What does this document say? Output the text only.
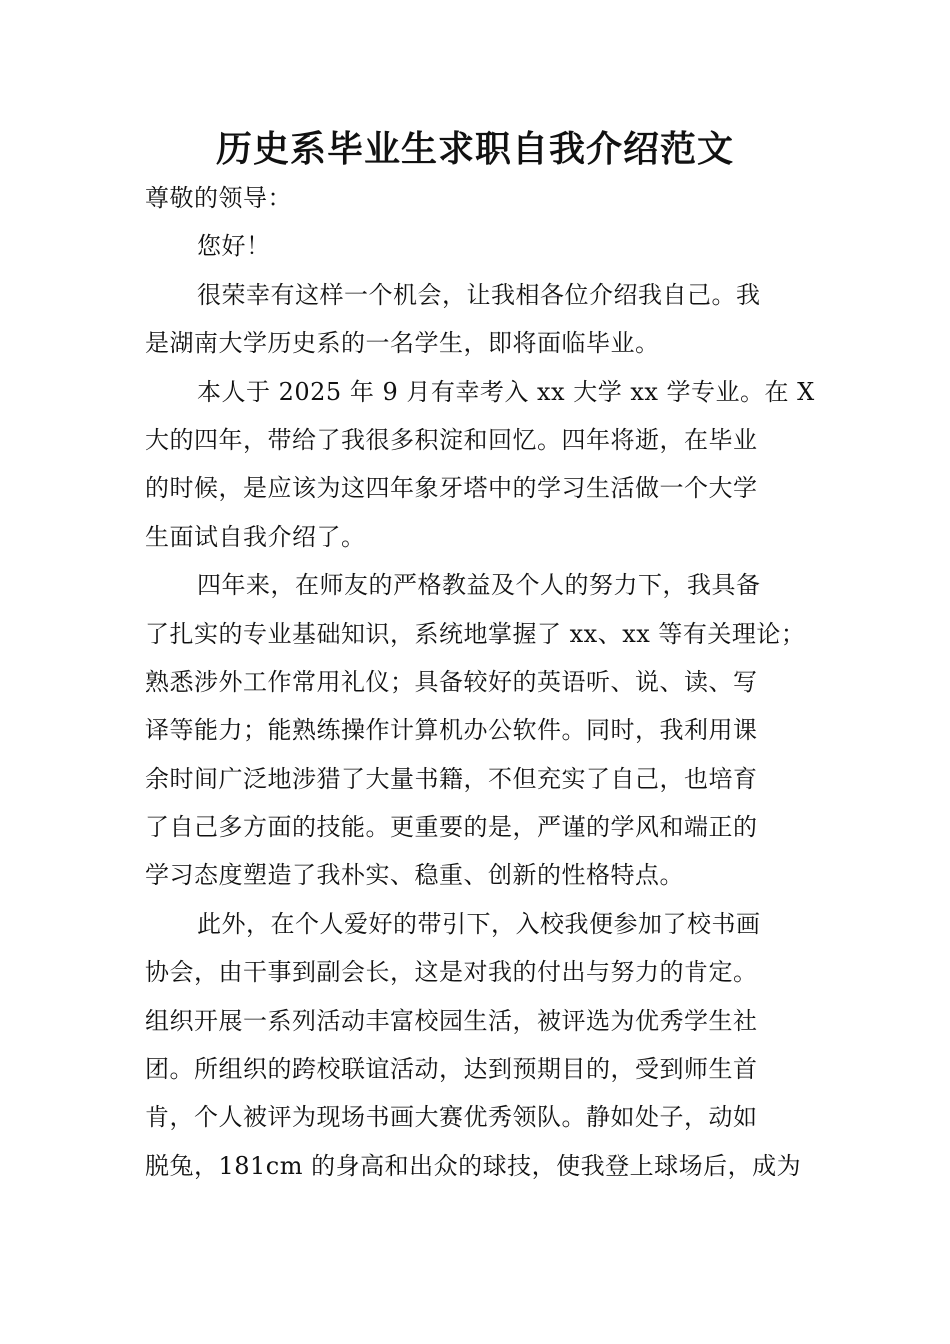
历史系毕业生求职自我介绍范文
尊敬的领导：
您好！
很荣幸有这样一个机会，让我相各位介绍我自己。我
是湖南大学历史系的一名学生，即将面临毕业。
本人于 2025 年 9 月有幸考入 xx 大学 xx 学专业。在 X
大的四年，带给了我很多积淀和回忆。四年将逝，在毕业
的时候，是应该为这四年象牙塔中的学习生活做一个大学
生面试自我介绍了。
四年来，在师友的严格教益及个人的努力下，我具备
了扎实的专业基础知识，系统地掌握了 xx、xx 等有关理论；
熟悉涉外工作常用礼仪；具备较好的英语听、说、读、写
译等能力；能熟练操作计算机办公软件。同时，我利用课
余时间广泛地涉猎了大量书籍，不但充实了自己，也培育
了自己多方面的技能。更重要的是，严谨的学风和端正的
学习态度塑造了我朴实、稳重、创新的性格特点。
此外，在个人爱好的带引下，入校我便参加了校书画
协会，由干事到副会长，这是对我的付出与努力的肯定。
组织开展一系列活动丰富校园生活，被评选为优秀学生社
团。所组织的跨校联谊活动，达到预期目的，受到师生首
肯，个人被评为现场书画大赛优秀领队。静如处子，动如
脱兔，181cm 的身高和出众的球技，使我登上球场后，成为
